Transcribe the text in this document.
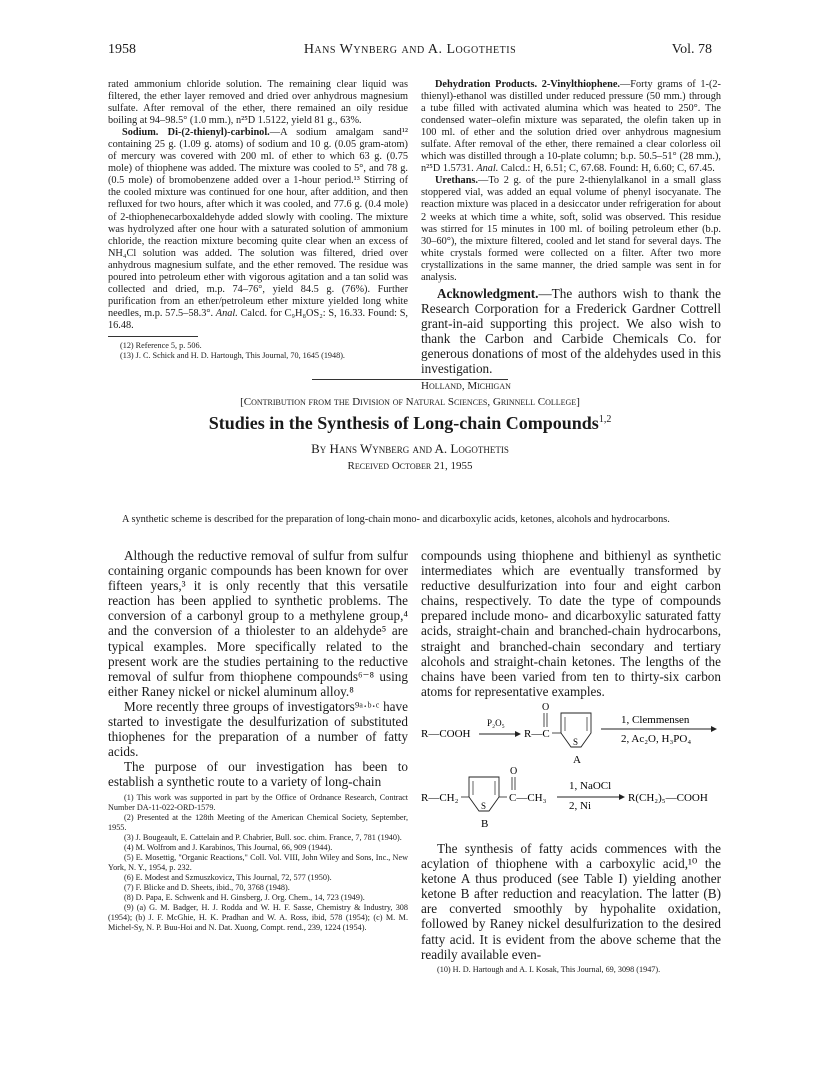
1958	Hans Wynberg and A. Logothetis	Vol. 78

rated ammonium chloride solution. The remaining clear liquid was filtered, the ether layer removed and dried over anhydrous magnesium sulfate. After removal of the ether, there remained an oily residue boiling at 94–98.5° (1.0 mm.), n²⁵D 1.5122, yield 81 g., 63%.

Sodium. Di-(2-thienyl)-carbinol.—A sodium amalgam sand¹² containing 25 g. (1.09 g. atoms) of sodium and 10 g. (0.05 gram-atom) of mercury was covered with 200 ml. of ether to which 63 g. (0.75 mole) of thiophene was added. The mixture was cooled to 5°, and 78 g. (0.5 mole) of bromobenzene added over a 1-hour period.¹³ Stirring of the cooled mixture was continued for one hour, after addition, and then refluxed for two hours, after which it was cooled, and 77.6 g. (0.4 mole) of 2-thiophenecarboxaldehyde added slowly with cooling. The mixture was hydrolyzed after one hour with a saturated solution of ammonium chloride, the reaction mixture becoming quite clear when an excess of NH₄Cl solution was added. The solution was filtered, dried over anhydrous magnesium sulfate, and the ether removed. The residue was poured into petroleum ether with vigorous agitation and a tan solid was collected and dried, m.p. 74–76°, yield 84.5 g. (76%). Further purification from an ether/petroleum ether mixture yielded long white needles, m.p. 57.5–58.3°. Anal. Calcd. for C₉H₈OS₂: S, 16.33. Found: S, 16.48.

(12) Reference 5, p. 506.

(13) J. C. Schick and H. D. Hartough, This Journal, 70, 1645 (1948).

Dehydration Products. 2-Vinylthiophene.—Forty grams of 1-(2-thienyl)-ethanol was distilled under reduced pressure (50 mm.) through a tube filled with activated alumina which was heated to 250°. The condensed water–olefin mixture was separated, the olefin taken up in 100 ml. of ether and the solution dried over anhydrous magnesium sulfate. After removal of the ether, there remained a clear colorless oil which was distilled through a 10-plate column; b.p. 50.5–51° (28 mm.), n²⁵D 1.5731. Anal. Calcd.: H, 6.51; C, 67.68. Found: H, 6.60; C, 67.45.

Urethans.—To 2 g. of the pure 2-thienylalkanol in a small glass stoppered vial, was added an equal volume of phenyl isocyanate. The reaction mixture was placed in a desiccator under refrigeration for about 2 weeks at which time a white, soft, solid was observed. This residue was stirred for 15 minutes in 100 ml. of boiling petroleum ether (b.p. 30–60°), the mixture filtered, cooled and let stand for several days. The white crystals formed were collected on a filter. After two more crystallizations in the same manner, the dried sample was sent in for analysis.

Acknowledgment.—The authors wish to thank the Research Corporation for a Frederick Gardner Cottrell grant-in-aid supporting this project. We also wish to thank the Carbon and Carbide Chemicals Co. for generous donations of most of the aldehydes used in this investigation.

Holland, Michigan
[Contribution from the Division of Natural Sciences, Grinnell College]
Studies in the Synthesis of Long-chain Compounds$^{1,2}$
By Hans Wynberg and A. Logothetis
Received October 21, 1955
A synthetic scheme is described for the preparation of long-chain mono- and dicarboxylic acids, ketones, alcohols and hydrocarbons.

Although the reductive removal of sulfur from sulfur containing organic compounds has been known for over fifteen years,³ it is only recently that this versatile reaction has been applied to synthetic problems. The conversion of a carbonyl group to a methylene group,⁴ and the conversion of a thiolester to an aldehyde⁵ are typical examples. More specifically related to the present work are the studies pertaining to the reductive removal of sulfur from thiophene compounds⁶⁻⁸ using either Raney nickel or nickel aluminum alloy.⁸

More recently three groups of investigators⁹ᵃ·ᵇ·ᶜ have started to investigate the desulfurization of substituted thiophenes for the preparation of a number of fatty acids.

The purpose of our investigation has been to establish a synthetic route to a variety of long-chain

(1) This work was supported in part by the Office of Ordnance Research, Contract Number DA-11-022-ORD-1579.

(2) Presented at the 128th Meeting of the American Chemical Society, September, 1955.

(3) J. Bougeault, E. Cattelain and P. Chabrier, Bull. soc. chim. France, 7, 781 (1940).

(4) M. Wolfrom and J. Karabinos, This Journal, 66, 909 (1944).

(5) E. Mosettig, "Organic Reactions," Coll. Vol. VIII, John Wiley and Sons, Inc., New York, N. Y., 1954, p. 232.

(6) E. Modest and Szmuszkovicz, This Journal, 72, 577 (1950).

(7) F. Blicke and D. Sheets, ibid., 70, 3768 (1948).

(8) D. Papa, E. Schwenk and H. Ginsberg, J. Org. Chem., 14, 723 (1949).

(9) (a) G. M. Badger, H. J. Rodda and W. H. F. Sasse, Chemistry & Industry, 308 (1954); (b) J. F. McGhie, H. K. Pradhan and W. A. Ross, ibid, 578 (1954); (c) M. M. Michel-Sy, N. P. Buu-Hoi and N. Dat. Xuong, Compt. rend., 239, 1224 (1954).

compounds using thiophene and bithienyl as synthetic intermediates which are eventually transformed by reductive desulfurization into four and eight carbon chains, respectively. To date the type of compounds prepared include mono- and dicarboxylic saturated fatty acids, straight-chain and branched-chain hydrocarbons, straight and branched-chain secondary and tertiary alcohols and straight-chain ketones. The lengths of the chains have been varied from ten to thirty-six carbon atoms for representative examples.

R—COOH
P₂O₅
R—C
O
S
A
1, Clemmensen
2, Ac₂O, H₃PO₄
R—CH₂
S
C—CH₃
O
1, NaOCl
2, Ni
R(CH₂)₅—COOH
B

The synthesis of fatty acids commences with the acylation of thiophene with a carboxylic acid,¹⁰ the ketone A thus produced (see Table I) yielding another ketone B after reduction and reacylation. The latter (B) are converted smoothly by hypohalite oxidation, followed by Raney nickel desulfurization to the desired fatty acid. It is evident from the above scheme that the readily available even-

(10) H. D. Hartough and A. I. Kosak, This Journal, 69, 3098 (1947).
